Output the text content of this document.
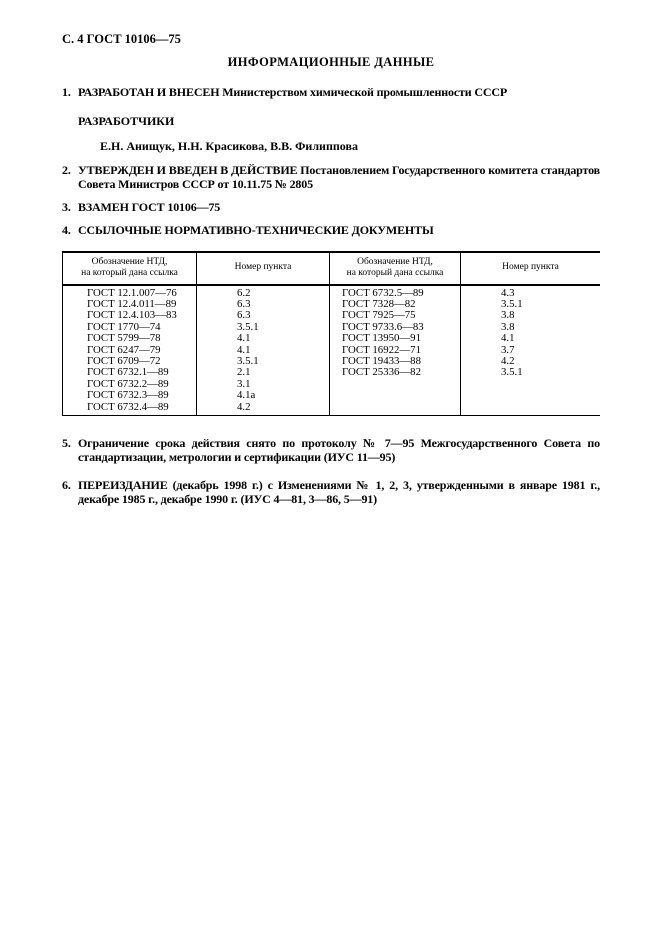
С. 4 ГОСТ 10106—75
ИНФОРМАЦИОННЫЕ ДАННЫЕ
1. РАЗРАБОТАН И ВНЕСЕН Министерством химической промышленности СССР
РАЗРАБОТЧИКИ
Е.Н. Анищук, Н.Н. Красикова, В.В. Филиппова
2. УТВЕРЖДЕН И ВВЕДЕН В ДЕЙСТВИЕ Постановлением Государственного комитета стандартов
Совета Министров СССР от 10.11.75 № 2805
3. ВЗАМЕН ГОСТ 10106—75
4. ССЫЛОЧНЫЕ НОРМАТИВНО-ТЕХНИЧЕСКИЕ ДОКУМЕНТЫ
Обозначение НТД,
на который дана ссылка
Номер пункта
Обозначение НТД,
на который дана ссылка
Номер пункта
ГОСТ 12.1.007—76
ГОСТ 12.4.011—89
ГОСТ 12.4.103—83
ГОСТ 1770—74
ГОСТ 5799—78
ГОСТ 6247—79
ГОСТ 6709—72
ГОСТ 6732.1—89
ГОСТ 6732.2—89
ГОСТ 6732.3—89
ГОСТ 6732.4—89
6.2
6.3
6.3
3.5.1
4.1
4.1
3.5.1
2.1
3.1
4.1а
4.2
ГОСТ 6732.5—89
ГОСТ 7328—82
ГОСТ 7925—75
ГОСТ 9733.6—83
ГОСТ 13950—91
ГОСТ 16922—71
ГОСТ 19433—88
ГОСТ 25336—82
4.3
3.5.1
3.8
3.8
4.1
3.7
4.2
3.5.1
5. Ограничение срока действия снято по протоколу № 7—95 Межгосударственного Совета по
стандартизации, метрологии и сертификации (ИУС 11—95)
6. ПЕРЕИЗДАНИЕ (декабрь 1998 г.) с Изменениями № 1, 2, 3, утвержденными в январе 1981 г.,
декабре 1985 г., декабре 1990 г. (ИУС 4—81, 3—86, 5—91)
